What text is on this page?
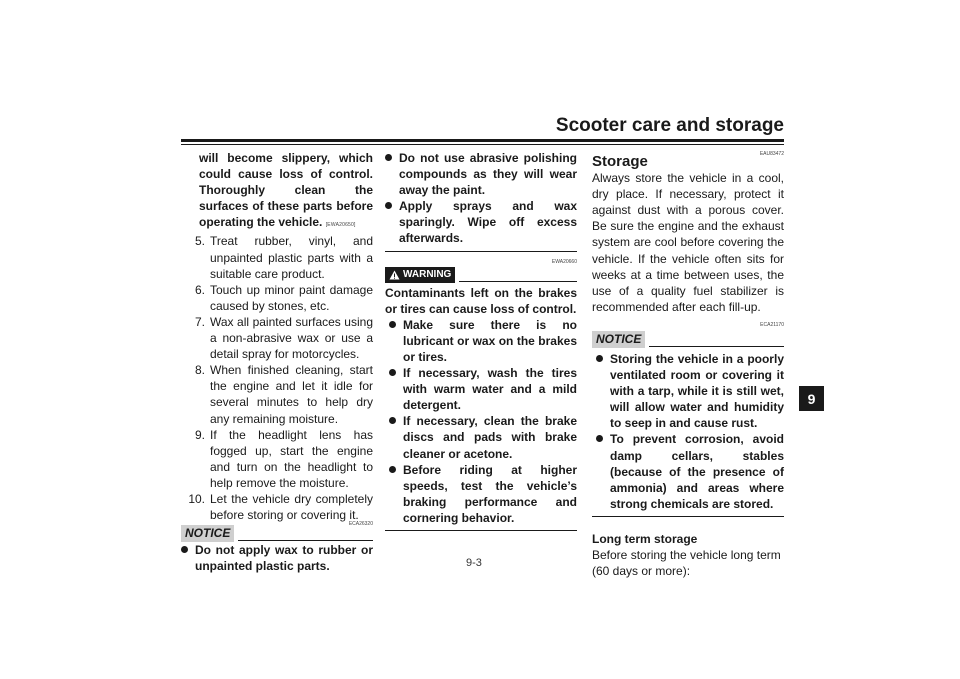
Scooter care and storage
9
will become slippery, which could cause loss of control. Thoroughly clean the surfaces of these parts before operating the vehicle. [EWA20650]
5. Treat rubber, vinyl, and unpainted plastic parts with a suitable care product.
6. Touch up minor paint damage caused by stones, etc.
7. Wax all painted surfaces using a non-abrasive wax or use a detail spray for motorcycles.
8. When finished cleaning, start the engine and let it idle for several minutes to help dry any remaining moisture.
9. If the headlight lens has fogged up, start the engine and turn on the headlight to help remove the moisture.
10. Let the vehicle dry completely before storing or covering it.
NOTICE
ECA26320
Do not apply wax to rubber or unpainted plastic parts.
Do not use abrasive polishing compounds as they will wear away the paint.
Apply sprays and wax sparingly. Wipe off excess afterwards.
EWA20660
WARNING
Contaminants left on the brakes or tires can cause loss of control.
Make sure there is no lubricant or wax on the brakes or tires.
If necessary, wash the tires with warm water and a mild detergent.
If necessary, clean the brake discs and pads with brake cleaner or acetone.
Before riding at higher speeds, test the vehicle’s braking performance and cornering behavior.
EAU83472
Storage
Always store the vehicle in a cool, dry place. If necessary, protect it against dust with a porous cover. Be sure the engine and the exhaust system are cool before covering the vehicle. If the vehicle often sits for weeks at a time between uses, the use of a quality fuel stabilizer is recommended after each fill-up.
ECA21170
NOTICE
Storing the vehicle in a poorly ventilated room or covering it with a tarp, while it is still wet, will allow water and humidity to seep in and cause rust.
To prevent corrosion, avoid damp cellars, stables (because of the presence of ammonia) and areas where strong chemicals are stored.
Long term storage
Before storing the vehicle long term (60 days or more):
9-3
